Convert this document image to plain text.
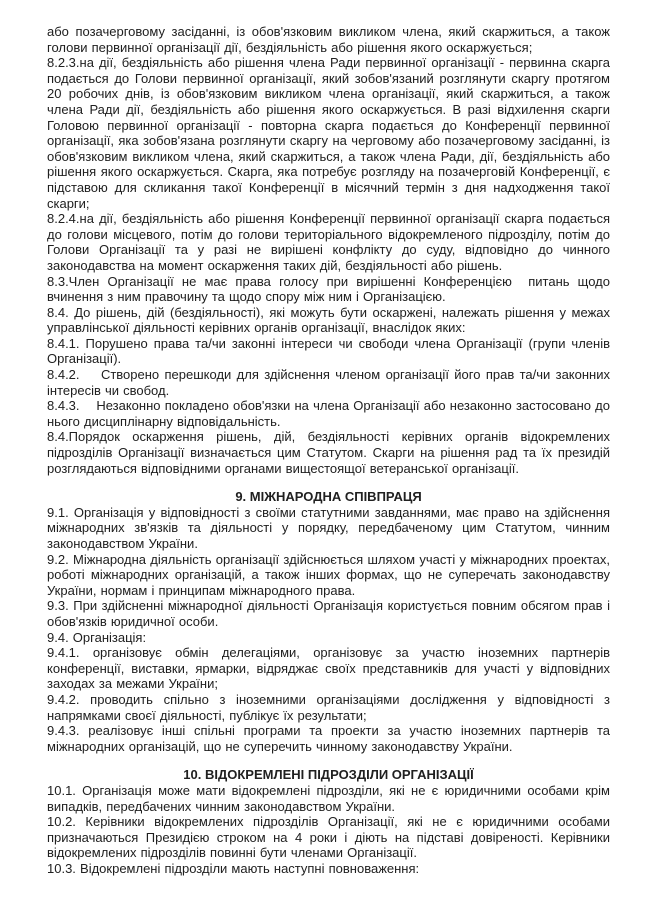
або позачерговому засіданні, із обов'язковим викликом члена, який скаржиться, а також голови первинної організації дії, бездіяльність або рішення якого оскаржується;

8.2.3.на дії, бездіяльність або рішення члена Ради первинної організації - первинна скарга подається до Голови первинної організації, який зобов'язаний розглянути скаргу протягом 20 робочих днів, із обов'язковим викликом члена організації, який скаржиться, а також члена Ради дії, бездіяльність або рішення якого оскаржується. В разі відхилення скарги Головою первинної організації - повторна скарга подається до Конференції первинної організації, яка зобов'язана розглянути скаргу на черговому або позачерговому засіданні, із обов'язковим викликом члена, який скаржиться, а також члена Ради, дії, бездіяльність або рішення якого оскаржується. Скарга, яка потребує розгляду на позачерговій Конференції, є підставою для скликання такої Конференції в місячний термін з дня надходження такої скарги;

8.2.4.на дії, бездіяльність або рішення Конференції первинної організації скарга подається до голови місцевого, потім до голови територіального відокремленого підрозділу, потім до Голови Організації та у разі не вирішені конфлікту до суду, відповідно до чинного законодавства на момент оскарження таких дій, бездіяльності або рішень.

8.3.Член Організації не має права голосу при вирішенні Конференцією  питань щодо вчинення з ним правочину та щодо спору між ним і Організацією.

8.4. До рішень, дій (бездіяльності), які можуть бути оскаржені, належать рішення у межах управлінської діяльності керівних органів організації, внаслідок яких:

8.4.1. Порушено права та/чи законні інтереси чи свободи члена Організації (групи членів Організації).

8.4.2.    Створено перешкоди для здійснення членом організації його прав та/чи законних інтересів чи свобод.

8.4.3.    Незаконно покладено обов'язки на члена Організації або незаконно застосовано до нього дисциплінарну відповідальність.

8.4.Порядок оскарження рішень, дій, бездіяльності керівних органів відокремлених підрозділів Організації визначається цим Статутом. Скарги на рішення рад та їх президій розглядаються відповідними органами вищестоящої ветеранської організації.

9. МІЖНАРОДНА СПІВПРАЦЯ

9.1. Організація у відповідності з своїми статутними завданнями, має право на здійснення міжнародних зв'язків та діяльності у порядку, передбаченому цим Статутом, чинним законодавством України.

9.2. Міжнародна діяльність організації здійснюється шляхом участі у міжнародних проектах, роботі міжнародних організацій, а також інших формах, що не суперечать законодавству України, нормам і принципам міжнародного права.

9.3. При здійсненні міжнародної діяльності Організація користується повним обсягом прав і обов'язків юридичної особи.

9.4. Організація:

9.4.1. організовує обмін делегаціями, організовує за участю іноземних партнерів конференції, виставки, ярмарки, відряджає своїх представників для участі у відповідних заходах за межами України;

9.4.2. проводить спільно з іноземними організаціями дослідження у відповідності з напрямками своєї діяльності, публікує їх результати;

9.4.3. реалізовує інші спільні програми та проекти за участю іноземних партнерів та міжнародних організацій, що не суперечить чинному законодавству України.

10. ВІДОКРЕМЛЕНІ ПІДРОЗДІЛИ ОРГАНІЗАЦІЇ

10.1. Організація може мати відокремлені підрозділи, які не є юридичними особами крім випадків, передбачених чинним законодавством України.

10.2. Керівники відокремлених підрозділів Організації, які не є юридичними особами призначаються Президією строком на 4 роки і діють на підставі довіреності. Керівники відокремлених підрозділів повинні бути членами Організації.

10.3. Відокремлені підрозділи мають наступні повноваження:
